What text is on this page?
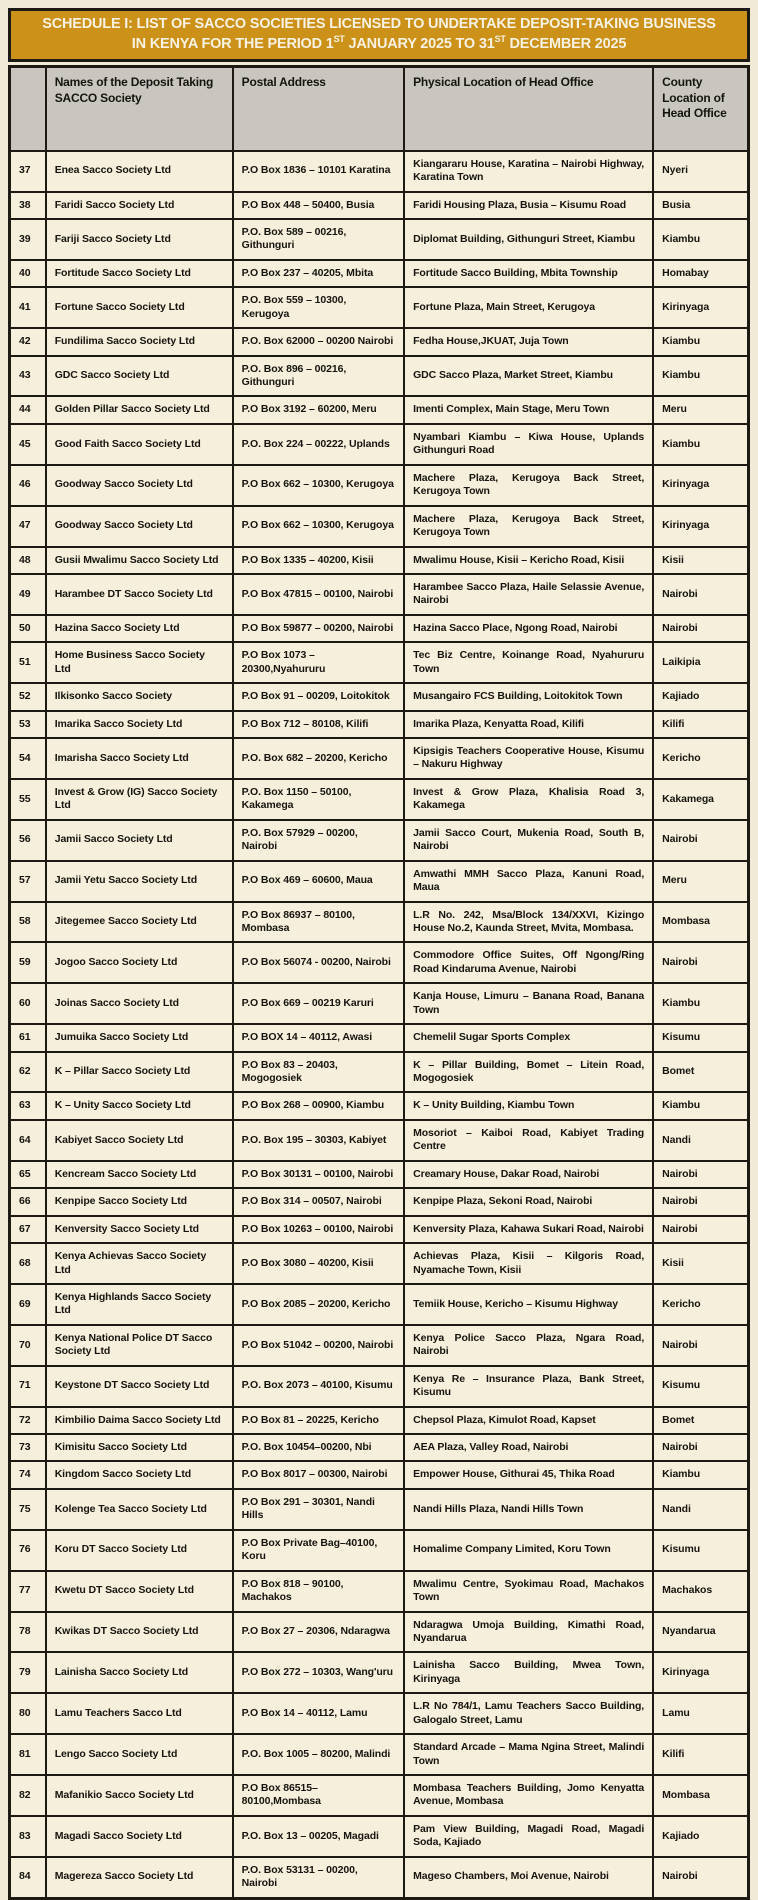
SCHEDULE I: LIST OF SACCO SOCIETIES LICENSED TO UNDERTAKE DEPOSIT-TAKING BUSINESS
IN KENYA FOR THE PERIOD 1ST JANUARY 2025 TO 31ST DECEMBER 2025
	Names of the Deposit Taking SACCO Society	Postal Address	Physical Location of Head Office	County Location of Head Office
37	Enea Sacco Society Ltd	P.O Box 1836 – 10101 Karatina	Kiangararu House, Karatina – Nairobi Highway, Karatina Town	Nyeri
38	Faridi Sacco Society Ltd	P.O Box 448 – 50400, Busia	Faridi Housing Plaza, Busia – Kisumu Road	Busia
39	Fariji Sacco Society Ltd	P.O. Box 589 – 00216, Githunguri	Diplomat Building, Githunguri Street, Kiambu	Kiambu
40	Fortitude Sacco Society Ltd	P.O Box 237 – 40205, Mbita	Fortitude Sacco Building, Mbita Township	Homabay
41	Fortune Sacco Society Ltd	P.O. Box 559 – 10300, Kerugoya	Fortune Plaza, Main Street, Kerugoya	Kirinyaga
42	Fundilima Sacco Society Ltd	P.O. Box 62000 – 00200 Nairobi	Fedha House,JKUAT, Juja Town	Kiambu
43	GDC Sacco Society Ltd	P.O. Box 896 – 00216, Githunguri	GDC Sacco Plaza, Market Street, Kiambu	Kiambu
44	Golden Pillar Sacco Society Ltd	P.O Box 3192 – 60200, Meru	Imenti Complex, Main Stage, Meru Town	Meru
45	Good Faith Sacco Society Ltd	P.O. Box 224 – 00222, Uplands	Nyambari Kiambu – Kiwa House, Uplands Githunguri Road	Kiambu
46	Goodway Sacco Society Ltd	P.O Box 662 – 10300, Kerugoya	Machere Plaza, Kerugoya Back Street, Kerugoya Town	Kirinyaga
47	Goodway Sacco Society Ltd	P.O Box 662 – 10300, Kerugoya	Machere Plaza, Kerugoya Back Street, Kerugoya Town	Kirinyaga
48	Gusii Mwalimu Sacco Society Ltd	P.O Box 1335 – 40200, Kisii	Mwalimu House, Kisii – Kericho Road, Kisii	Kisii
49	Harambee DT Sacco Society Ltd	P.O Box 47815 – 00100, Nairobi	Harambee Sacco Plaza, Haile Selassie Avenue, Nairobi	Nairobi
50	Hazina Sacco Society Ltd	P.O Box 59877 – 00200, Nairobi	Hazina Sacco Place, Ngong Road, Nairobi	Nairobi
51	Home Business Sacco Society Ltd	P.O Box 1073 – 20300,Nyahururu	Tec Biz Centre, Koinange Road, Nyahururu Town	Laikipia
52	Ilkisonko Sacco Society	P.O Box 91 – 00209, Loitokitok	Musangairo FCS Building, Loitokitok Town	Kajiado
53	Imarika Sacco Society Ltd	P.O Box 712 – 80108, Kilifi	Imarika Plaza, Kenyatta Road, Kilifi	Kilifi
54	Imarisha Sacco Society Ltd	P.O. Box 682 – 20200, Kericho	Kipsigis Teachers Cooperative House, Kisumu – Nakuru Highway	Kericho
55	Invest & Grow (IG) Sacco Society Ltd	P.O. Box 1150 – 50100, Kakamega	Invest & Grow Plaza, Khalisia Road 3, Kakamega	Kakamega
56	Jamii Sacco Society Ltd	P.O. Box 57929 – 00200, Nairobi	Jamii Sacco Court, Mukenia Road, South B, Nairobi	Nairobi
57	Jamii Yetu Sacco Society Ltd	P.O Box 469 – 60600, Maua	Amwathi MMH Sacco Plaza, Kanuni Road, Maua	Meru
58	Jitegemee Sacco Society Ltd	P.O Box 86937 – 80100, Mombasa	L.R No. 242, Msa/Block 134/XXVI, Kizingo House No.2, Kaunda Street, Mvita, Mombasa.	Mombasa
59	Jogoo Sacco Society Ltd	P.O Box 56074 - 00200, Nairobi	Commodore Office Suites, Off Ngong/Ring Road Kindaruma Avenue, Nairobi	Nairobi
60	Joinas Sacco Society Ltd	P.O Box 669 – 00219 Karuri	Kanja House, Limuru – Banana Road, Banana Town	Kiambu
61	Jumuika Sacco Society Ltd	P.O BOX 14 – 40112, Awasi	Chemelil Sugar Sports Complex	Kisumu
62	K – Pillar Sacco Society Ltd	P.O Box 83 – 20403, Mogogosiek	K – Pillar Building, Bomet – Litein Road, Mogogosiek	Bomet
63	K – Unity Sacco Society Ltd	P.O Box 268 – 00900, Kiambu	K – Unity Building, Kiambu Town	Kiambu
64	Kabiyet Sacco Society Ltd	P.O. Box 195 – 30303, Kabiyet	Mosoriot – Kaiboi Road, Kabiyet Trading Centre	Nandi
65	Kencream Sacco Society Ltd	P.O Box 30131 – 00100, Nairobi	Creamary House, Dakar Road, Nairobi	Nairobi
66	Kenpipe Sacco Society Ltd	P.O Box 314 – 00507, Nairobi	Kenpipe Plaza, Sekoni Road, Nairobi	Nairobi
67	Kenversity Sacco Society Ltd	P.O Box 10263 – 00100, Nairobi	Kenversity Plaza, Kahawa Sukari Road, Nairobi	Nairobi
68	Kenya Achievas Sacco Society Ltd	P.O Box 3080 – 40200, Kisii	Achievas Plaza, Kisii – Kilgoris Road, Nyamache Town, Kisii	Kisii
69	Kenya Highlands Sacco Society Ltd	P.O Box 2085 – 20200, Kericho	Temiik House, Kericho – Kisumu Highway	Kericho
70	Kenya National Police DT Sacco Society Ltd	P.O Box 51042 – 00200, Nairobi	Kenya Police Sacco Plaza, Ngara Road, Nairobi	Nairobi
71	Keystone DT Sacco Society Ltd	P.O. Box 2073 – 40100, Kisumu	Kenya Re – Insurance Plaza, Bank Street, Kisumu	Kisumu
72	Kimbilio Daima Sacco Society Ltd	P.O Box 81 – 20225, Kericho	Chepsol Plaza, Kimulot Road, Kapset	Bomet
73	Kimisitu Sacco Society Ltd	P.O. Box 10454–00200, Nbi	AEA Plaza, Valley Road, Nairobi	Nairobi
74	Kingdom Sacco Society Ltd	P.O Box 8017 – 00300, Nairobi	Empower House, Githurai 45, Thika Road	Kiambu
75	Kolenge Tea Sacco Society Ltd	P.O Box 291 – 30301, Nandi Hills	Nandi Hills Plaza, Nandi Hills Town	Nandi
76	Koru DT Sacco Society Ltd	P.O Box Private Bag–40100, Koru	Homalime Company Limited, Koru Town	Kisumu
77	Kwetu DT Sacco Society Ltd	P.O Box 818 – 90100, Machakos	Mwalimu Centre, Syokimau Road, Machakos Town	Machakos
78	Kwikas DT Sacco Society Ltd	P.O Box 27 – 20306, Ndaragwa	Ndaragwa Umoja Building, Kimathi Road, Nyandarua	Nyandarua
79	Lainisha Sacco Society Ltd	P.O Box 272 – 10303, Wang'uru	Lainisha Sacco Building, Mwea Town, Kirinyaga	Kirinyaga
80	Lamu Teachers Sacco Ltd	P.O Box 14 – 40112, Lamu	L.R No 784/1, Lamu Teachers Sacco Building, Galogalo Street, Lamu	Lamu
81	Lengo Sacco Society Ltd	P.O. Box 1005 – 80200, Malindi	Standard Arcade – Mama Ngina Street, Malindi Town	Kilifi
82	Mafanikio Sacco Society Ltd	P.O Box 86515–80100,Mombasa	Mombasa Teachers Building, Jomo Kenyatta Avenue, Mombasa	Mombasa
83	Magadi Sacco Society Ltd	P.O. Box 13 – 00205, Magadi	Pam View Building, Magadi Road, Magadi Soda, Kajiado	Kajiado
84	Magereza Sacco Society Ltd	P.O. Box 53131 – 00200, Nairobi	Mageso Chambers, Moi Avenue, Nairobi	Nairobi
